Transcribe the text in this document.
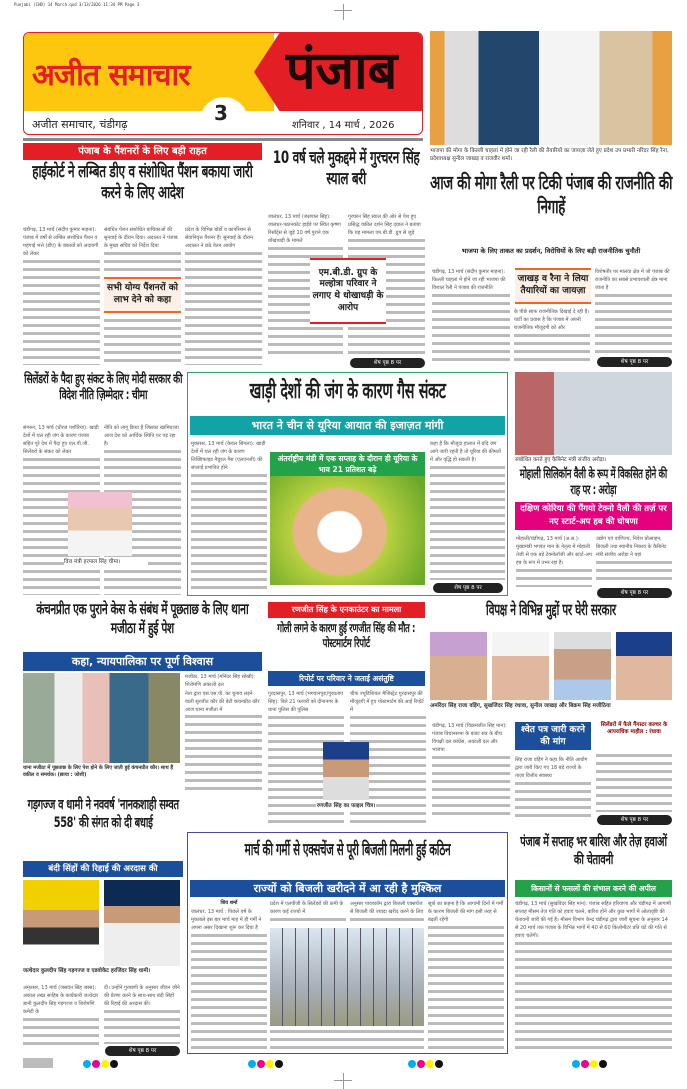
Punjabi (CHD) 14 March.qxd 3/13/2026 11:34 PM Page 3
अजीत समाचार पंजाब
3
अजीत समाचार, चंडीगढ़	शनिवार , 14 मार्च , 2026
भाजपा की मोगा के किल्ली चाहलां में होने जा रही रैली की तैयारियों का जायज़ा लेते हुए प्रदेश उप प्रभारी नरिंदर सिंह रैना, प्रदेशाध्यक्ष सुनील जाखड़ व राजवीर शर्मा।
पंजाब के पैंशनरों के लिए बड़ी राहत
हाईकोर्ट ने लम्बित डीए व संशोधित पैंशन बकाया जारी करने के लिए आदेश
चंडीगढ़, 13 मार्च (संदीप कुमार माहना): पंजाब में वर्षों से लम्बित संशोधित पैंशन व महंगाई भत्ते (डीए) के बकायों को अदायगी को लेकर
संबंधित पेंशन संशोधित याचिकाओं की सुनवाई के दौरान दिया। अदालत ने पंजाब के मुख्य सचिव को निर्देश दिया
सभी योग्य पैंशनरों को लाभ देने को कहा
प्रदेश के विभिन्न बोर्डों व कार्पोरेशन से सेवानिवृत्त पैंशनर हैं। सुनवाई के दौरान अदालत ने छठे वेतन आयोग
10 वर्ष चले मुकद्दमे में गुरचरन सिंह स्याल बरी
जालंधर, 13 मार्च (जसपाल सिंह): जालंधर-पठानकोट हाईवे पर स्थित कृष्णा रिसॉर्ट्स से जुड़े 10 वर्ष पुराने एक धोखाधड़ी के मामले
गुरचरन सिंह स्याल की ओर से पेश हुए प्रसिद्ध वकील दर्शन सिंह दयाल ने बताया कि यह मामला एम.बी.डी. ग्रुप से जुड़े
एम.बी.डी. ग्रुप के मल्होत्रा परिवार ने लगाए थे धोखाधड़ी के आरोप
शेष पृष्ठ 8 पर
आज की मोगा रैली पर टिकी पंजाब की राजनीति की निगाहें
भाजपा के लिए ताकत का प्रदर्शन, विरोधियों के लिए बड़ी राजनीतिक चुनौती
चंडीगढ़, 13 मार्च (संदीप कुमार माहना): किल्ली चाहलां में होने जा रही भाजपा की विशाल रैली ने पंजाब की राजनीति
जाखड़ व रैना ने लिया तैयारियों का जायज़ा
के पीछे साफ राजनीतिक दिखाई दे रही है। पार्टी का प्रयास है कि पंजाब में अपनी राजनीतिक मौजूदगी को और
विशेषतौर पर मालवा क्षेत्र में जो पंजाब की राजनीति का सबसे प्रभावशाली क्षेत्र माना जाता है
शेष पृष्ठ 8 पर
सिलेंडरों के पैदा हुए संकट के लिए मोदी सरकार की विदेश नीति ज़िम्मेदार : चीमा
संगरूर, 13 मार्च (धीरज पशौरिया): खाड़ी देशों में चल रही जंग के कारण पंजाब सहित पूरे देश में पैदा हुए एल.पी.जी. सिलेंडरों के संकट को लेकर
नीति को लागू किया है जिसका खामियाजा आज देश को आर्थिक स्थिति पर पड़ रहा है।
वित्त मंत्री हरपाल सिंह चीमा।
खाड़ी देशों की जंग के कारण गैस संकट
भारत ने चीन से यूरिया आयात की इजाज़त मांगी
मुक्तसर, 13 मार्च (केवल सिंगला): खाड़ी देशों में चल रही जंग के कारण लिक्विफाइड नैचुरल गैस (एलएनजी) की सप्लाई प्रभावित होने
कहा है कि मौजूदा हालात में यदि जंग आगे जारी रहती है तो यूरिया की कीमतों में और वृद्धि हो सकती है।
अंतर्राष्ट्रीय मंडी में एक सप्ताह के दौरान ही यूरिया के भाव 21 प्रतिशत बढ़े
शेष पृष्ठ 8 पर
संबोधित करते हुए कैबिनेट मंत्री संजीव अरोड़ा।
मोहाली सिलिकॉन वैली के रूप में विकसित होने की राह पर : अरोड़ा
दक्षिण कोरिया की पैंगयो टेक्नो वैली की तर्ज़ पर नए स्टार्ट-अप हब की घोषणा
मोहाली/चंडीगढ़, 13 मार्च (अ.स.): मुख्यमंत्री भगवंत मान के नेतृत्व में मोहाली तेजी से एक बड़े टेक्नोलॉजी और स्टार्ट-अप हब के रूप में उभर रहा है।
उद्योग एवं वाणिज्य, निवेश प्रोत्साहन, बिजली तथा स्थानीय निकाय के कैबिनेट मंत्री संजीव अरोड़ा ने यहां
शेष पृष्ठ 8 पर
कंचनप्रीत एक पुराने केस के संबंध में पूछताछ के लिए थाना मजीठा में हुई पेश
कहा, न्यायपालिका पर पूर्ण विश्वास
थाना मजीठा में पूछताछ के लिए पेश होने के लिए जाती हुई कंचनप्रीत कौर। साथ हैं वकील व समर्थक। (छाया : जोशी)
मजीठा, 13 मार्च (मनिंदर सिंह सोखी): शिरोमणि अकाली दल
नेता द्वारा एस.एस.पी. का चुनाव लड़ने वाली सुरजीत कौर की बेटी कंचनप्रीत कौर आज थाना मजीठा में
रणजीत सिंह के एनकाउंटर का मामला
गोली लगने के कारण हुई रणजीत सिंह की मौत : पोस्टमार्टम रिपोर्ट
रिपोर्ट पर परिवार ने जताई असंतुष्टि
गुरदासपुर, 13 मार्च (भगवानपुरा/गुरप्रताप सिंह): बिते 21 फरवरी को दीनानगर के थाना पुलिस की पुलिस
चीफ ज्यूडिशियल मैजिस्ट्रेट गुरदासपुर की मौजूदगी में हुए पोस्टमार्टम की आई रिपोर्ट में
रणजीत सिंह का फाइल चित्र।
विपक्ष ने विभिन्न मुद्दों पर घेरी सरकार
अमरिंदर सिंह राजा वड़िंग, सुखजिंदर सिंह रंधावा, सुनील जाखड़ और बिक्रम सिंह मजीठिया
चंडीगढ़, 13 मार्च (विक्रमजीत सिंह मान): पंजाब विधानसभा के बजट सत्र के बीच विपक्षी दल कांग्रेस, अकाली दल और भाजपा
श्वेत पत्र जारी करने की मांग
सिंह राजा वड़िंग ने कहा कि नीति आयोग द्वारा जारी किए गए 18 बड़े राज्यों के ताज़ा वित्तीय स्वास्थ्य
सिलेंडरों में फैले गैंगस्टर कल्चर के आपराधिक माहौल : रंधावा
शेष पृष्ठ 8 पर
गड़गज्ज व धामी ने नववर्ष 'नानकशाही सम्वत 558' की संगत को दी बधाई
बंदी सिंहों की रिहाई की अरदास की
जत्थेदार कुलदीप सिंह गड़गज्ज व एडवोकेट हरजिंदर सिंह धामी।
अमृतसर, 13 मार्च (जसवंत सिंह जस्स): अकाल तख्त साहिब के कार्यकारी जत्थेदार ज्ञानी कुलदीप सिंह गड़गज्ज व शिरोमणि कमेटी के
दी। उन्होंने गुरबाणी के अनुसार जीवन जीने की प्रेरणा करने के साथ-साथ बंदी सिंहों की रिहाई की अरदास की।
शेष पृष्ठ 8 पर
मार्च की गर्मी से एक्सचेंज से पूरी बिजली मिलनी हुई कठिन
राज्यों को बिजली खरीदने में आ रही है मुश्किल
शिव शर्मा
जालंधर, 13 मार्च : पिछले वर्ष के मुकाबले इस बार मार्च माह में ही गर्मी ने अपना असर दिखाना शुरू कर दिया है
प्रदेश में एलपीजी के सिलेंडरों की कमी के कारण कई राज्यों में
अनुसार पावरकॉम द्वारा बिजली एक्सचेंज से बिजली की ज्यादा खरीद करने के लिए
सूत्रों का कहना है कि आगामी दिनों में गर्मी के कारण बिजली की मांग इसी तरह से बढ़ती रहेगी
पंजाब में सप्ताह भर बारिश और तेज़ हवाओं की चेतावनी
किसानों से फसलों की संभाल करने की अपील
चंडीगढ़, 13 मार्च (सुखविंदर सिंह मान): पंजाब सहित हरियाणा और चंडीगढ़ में आगामी सप्ताह मौसम तेज़ गति को हवाएं चलने, बारिश होने और कुछ भागों में ओलावृष्टि की चेतावनी जारी की गई है। मौसम विभाग केन्द्र चंडीगढ़ द्वारा जारी सूचना के अनुसार 14 से 20 मार्च तक पंजाब के विभिन्न भागों में 40 से 60 किलोमीटर प्रति घंटे की गति से हवाएं चलेंगी।
